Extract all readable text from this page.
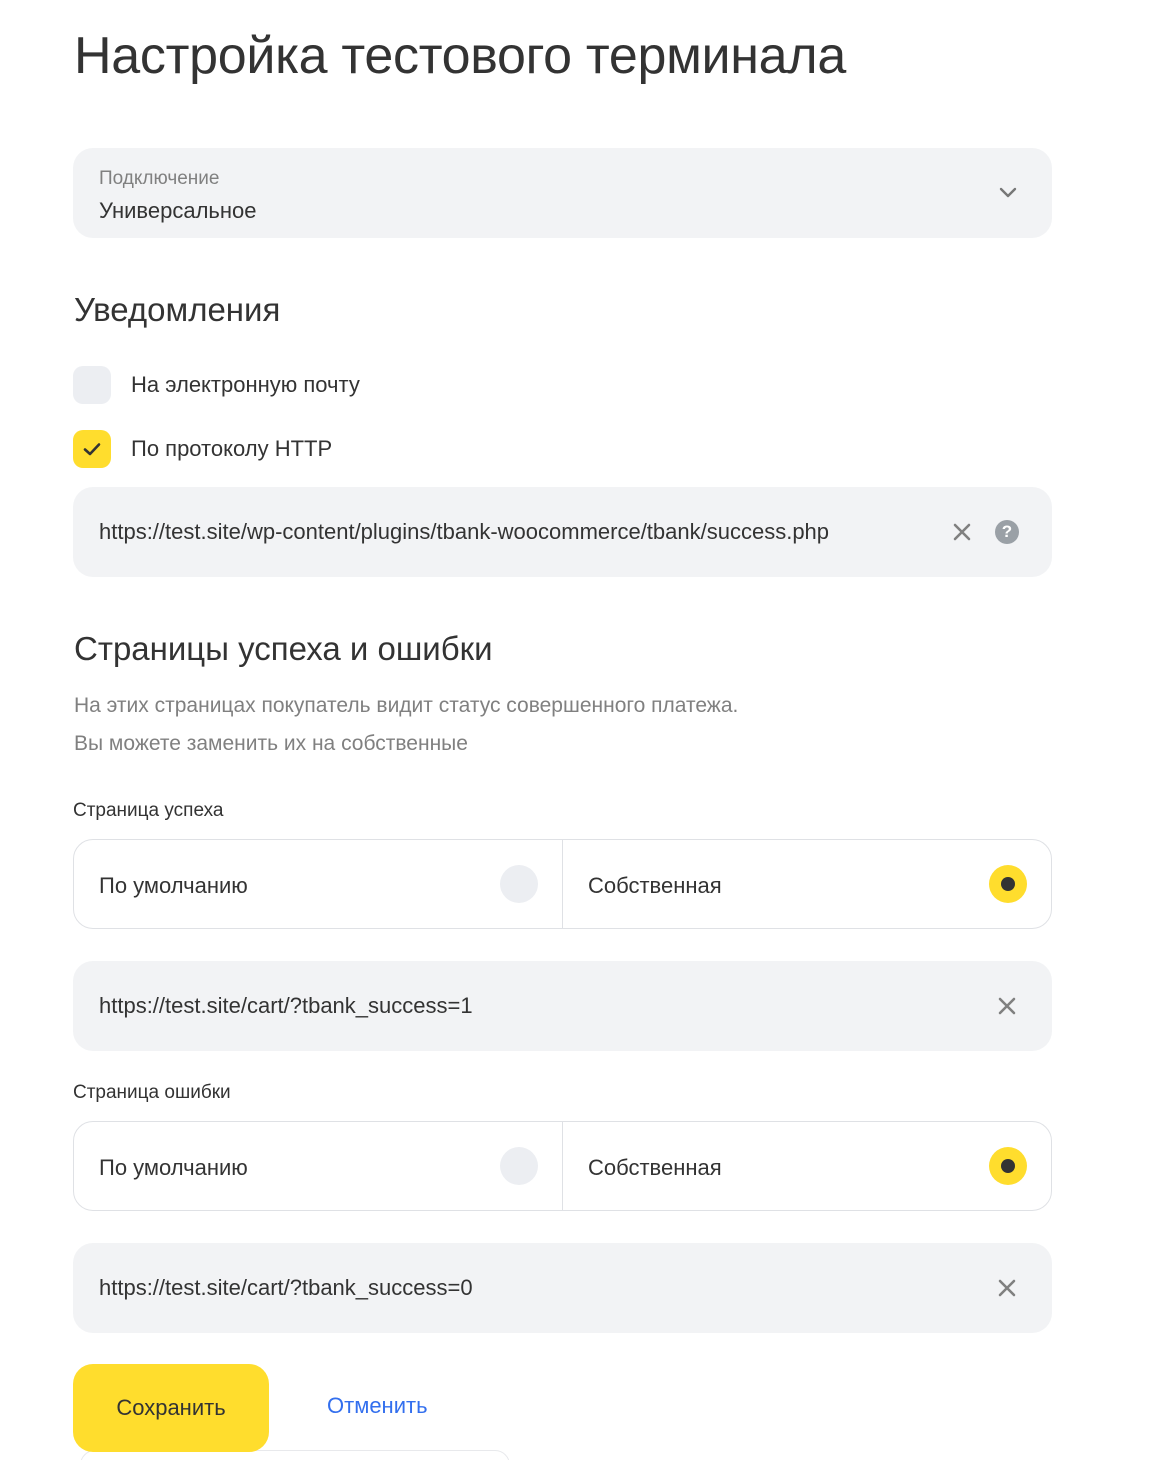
Настройка тестового терминала
Подключение
Универсальное
Уведомления
На электронную почту
По протоколу HTTP
https://test.site/wp-content/plugins/tbank-woocommerce/tbank/success.php	?
Страницы успеха и ошибки
На этих страницах покупатель видит статус совершенного платежа.
Вы можете заменить их на собственные
Страница успеха
По умолчанию	Собственная
https://test.site/cart/?tbank_success=1
Страница ошибки
По умолчанию	Собственная
https://test.site/cart/?tbank_success=0
Сохранить	Отменить
